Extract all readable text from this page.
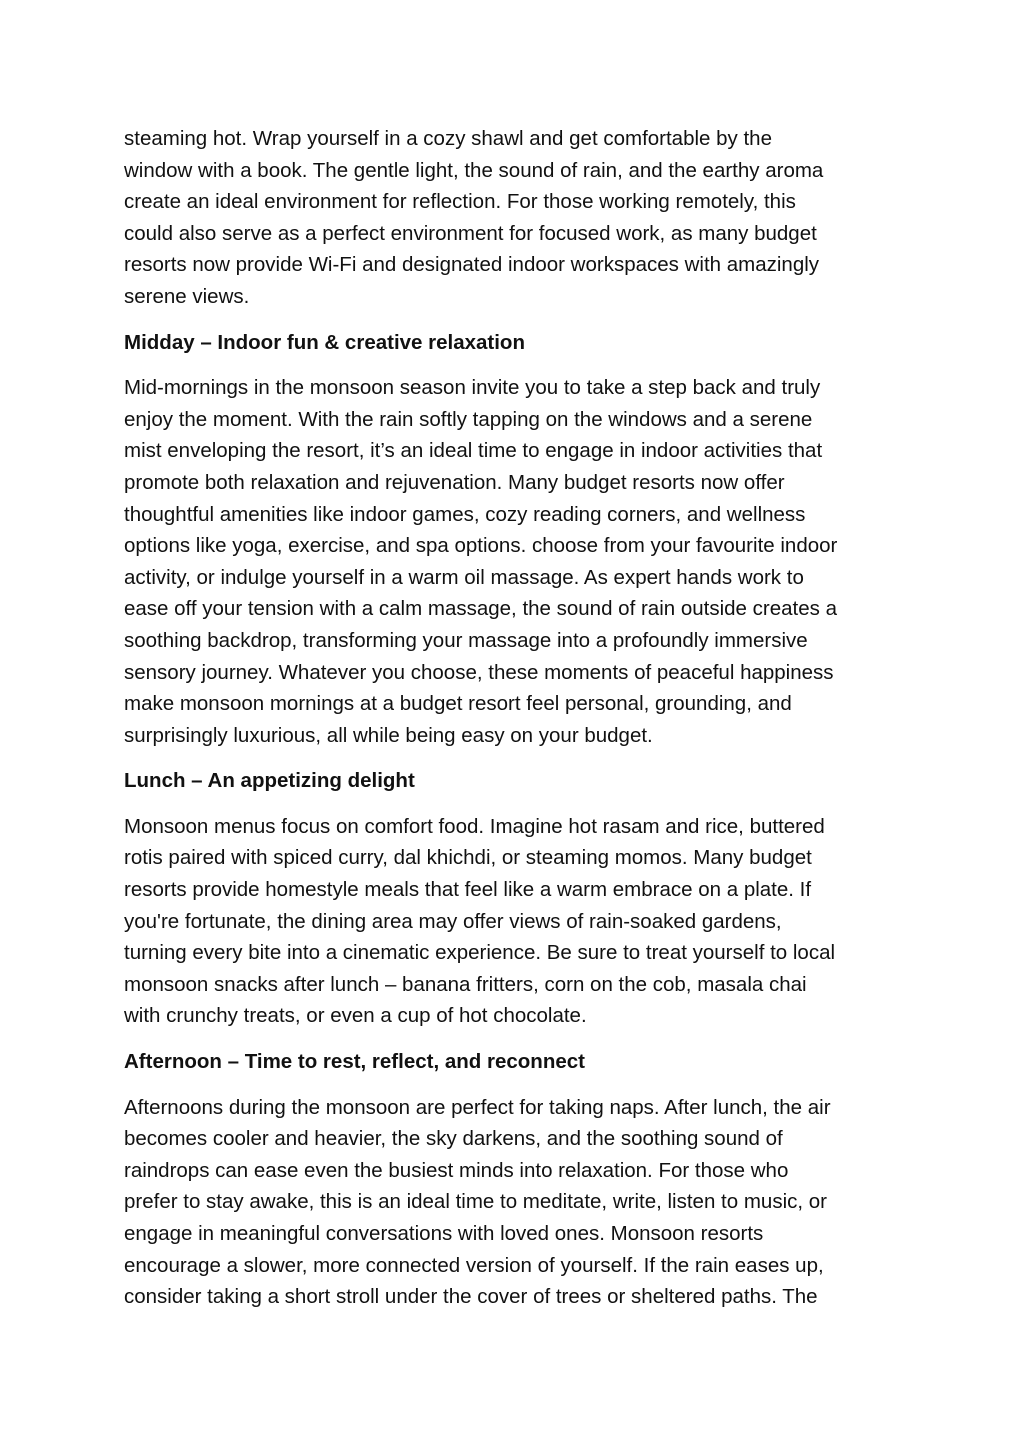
steaming hot. Wrap yourself in a cozy shawl and get comfortable by the
window with a book. The gentle light, the sound of rain, and the earthy aroma
create an ideal environment for reflection. For those working remotely, this
could also serve as a perfect environment for focused work, as many budget
resorts now provide Wi-Fi and designated indoor workspaces with amazingly
serene views.
Midday – Indoor fun & creative relaxation
Mid-mornings in the monsoon season invite you to take a step back and truly
enjoy the moment. With the rain softly tapping on the windows and a serene
mist enveloping the resort, it’s an ideal time to engage in indoor activities that
promote both relaxation and rejuvenation. Many budget resorts now offer
thoughtful amenities like indoor games, cozy reading corners, and wellness
options like yoga, exercise, and spa options. choose from your favourite indoor
activity, or indulge yourself in a warm oil massage. As expert hands work to
ease off your tension with a calm massage, the sound of rain outside creates a
soothing backdrop, transforming your massage into a profoundly immersive
sensory journey. Whatever you choose, these moments of peaceful happiness
make monsoon mornings at a budget resort feel personal, grounding, and
surprisingly luxurious, all while being easy on your budget.
Lunch – An appetizing delight
Monsoon menus focus on comfort food. Imagine hot rasam and rice, buttered
rotis paired with spiced curry, dal khichdi, or steaming momos. Many budget
resorts provide homestyle meals that feel like a warm embrace on a plate. If
you're fortunate, the dining area may offer views of rain-soaked gardens,
turning every bite into a cinematic experience. Be sure to treat yourself to local
monsoon snacks after lunch – banana fritters, corn on the cob, masala chai
with crunchy treats, or even a cup of hot chocolate.
Afternoon – Time to rest, reflect, and reconnect
Afternoons during the monsoon are perfect for taking naps. After lunch, the air
becomes cooler and heavier, the sky darkens, and the soothing sound of
raindrops can ease even the busiest minds into relaxation. For those who
prefer to stay awake, this is an ideal time to meditate, write, listen to music, or
engage in meaningful conversations with loved ones. Monsoon resorts
encourage a slower, more connected version of yourself. If the rain eases up,
consider taking a short stroll under the cover of trees or sheltered paths. The
